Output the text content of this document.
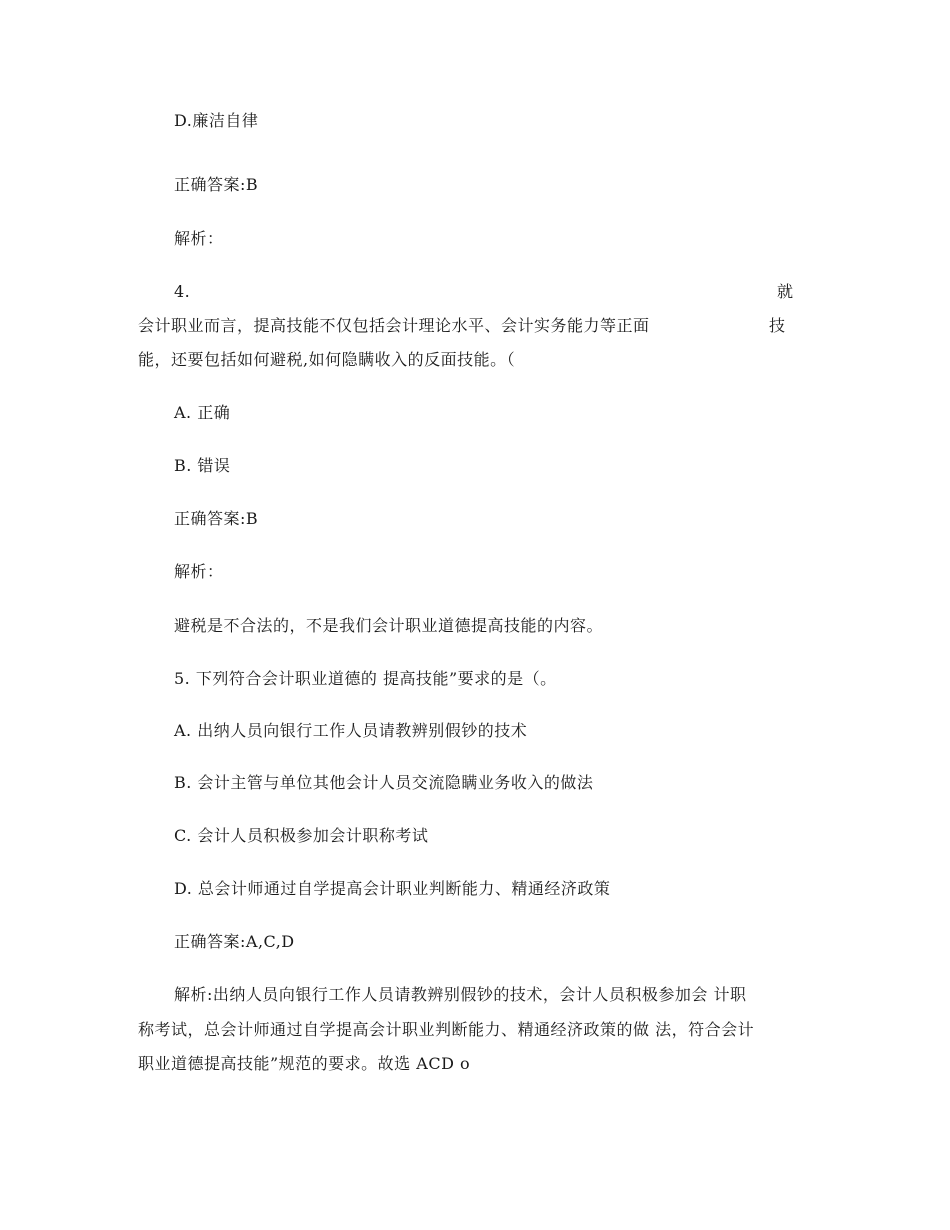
D.廉洁自律
正确答案:B
解析：
4.	就
会计职业而言，提高技能不仅包括会计理论水平、会计实务能力等正面	技
能，还要包括如何避税,如何隐瞒收入的反面技能。（
A. 正确
B. 错误
正确答案:B
解析：
避税是不合法的，不是我们会计职业道德提高技能的内容。
5. 下列符合会计职业道德的 提高技能”要求的是（。
A. 出纳人员向银行工作人员请教辨别假钞的技术
B. 会计主管与单位其他会计人员交流隐瞒业务收入的做法
C. 会计人员积极参加会计职称考试
D. 总会计师通过自学提高会计职业判断能力、精通经济政策
正确答案:A,C,D
解析:出纳人员向银行工作人员请教辨别假钞的技术，会计人员积极参加会 计职
称考试，总会计师通过自学提高会计职业判断能力、精通经济政策的做 法，符合会计
职业道德提高技能”规范的要求。故选 ACD o
